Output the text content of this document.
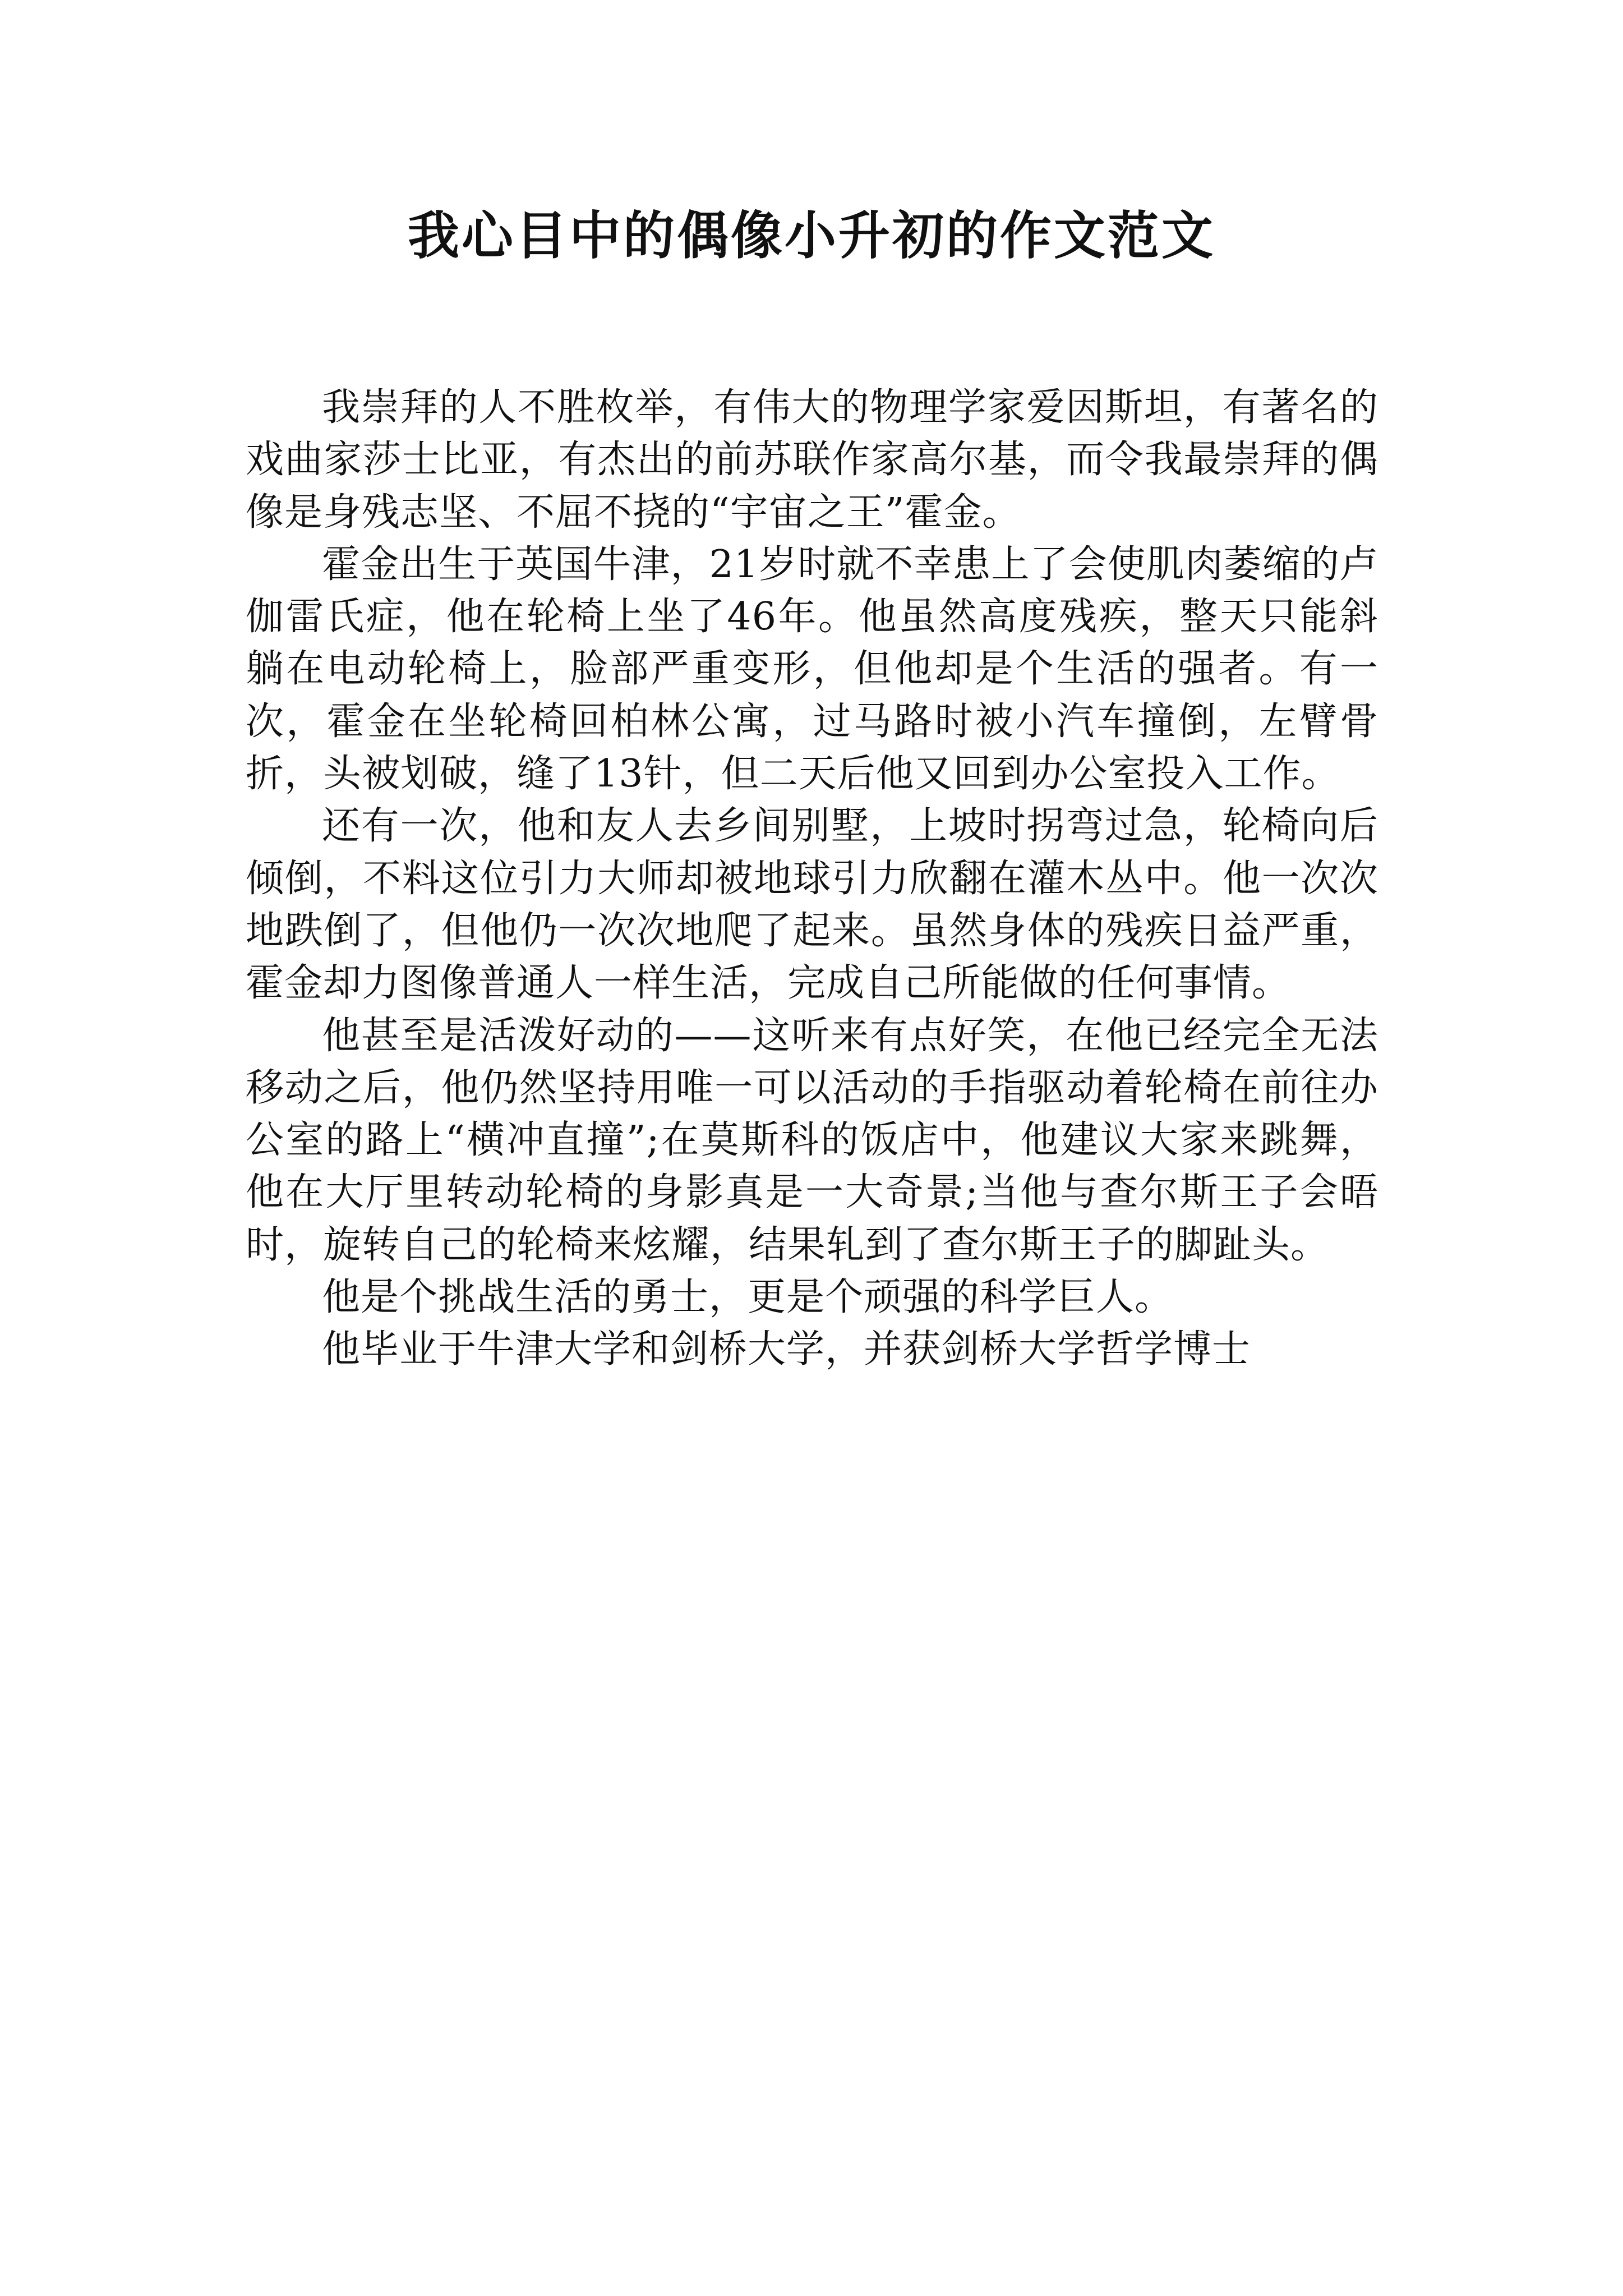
我心目中的偶像小升初的作文范文

我崇拜的人不胜枚举，有伟大的物理学家爱因斯坦，有著名的戏曲家莎士比亚，有杰出的前苏联作家高尔基，而令我最崇拜的偶像是身残志坚、不屈不挠的“宇宙之王”霍金。

霍金出生于英国牛津，21岁时就不幸患上了会使肌肉萎缩的卢伽雷氏症，他在轮椅上坐了46年。他虽然高度残疾，整天只能斜躺在电动轮椅上，脸部严重变形，但他却是个生活的强者。有一次，霍金在坐轮椅回柏林公寓，过马路时被小汽车撞倒，左臂骨折，头被划破，缝了13针，但二天后他又回到办公室投入工作。

还有一次，他和友人去乡间别墅，上坡时拐弯过急，轮椅向后倾倒，不料这位引力大师却被地球引力欣翻在灌木丛中。他一次次地跌倒了，但他仍一次次地爬了起来。虽然身体的残疾日益严重，霍金却力图像普通人一样生活，完成自己所能做的任何事情。

他甚至是活泼好动的——这听来有点好笑，在他已经完全无法移动之后，他仍然坚持用唯一可以活动的手指驱动着轮椅在前往办公室的路上“横冲直撞”;在莫斯科的饭店中，他建议大家来跳舞，他在大厅里转动轮椅的身影真是一大奇景;当他与查尔斯王子会晤时，旋转自己的轮椅来炫耀，结果轧到了查尔斯王子的脚趾头。

他是个挑战生活的勇士，更是个顽强的科学巨人。

他毕业于牛津大学和剑桥大学，并获剑桥大学哲学博士
